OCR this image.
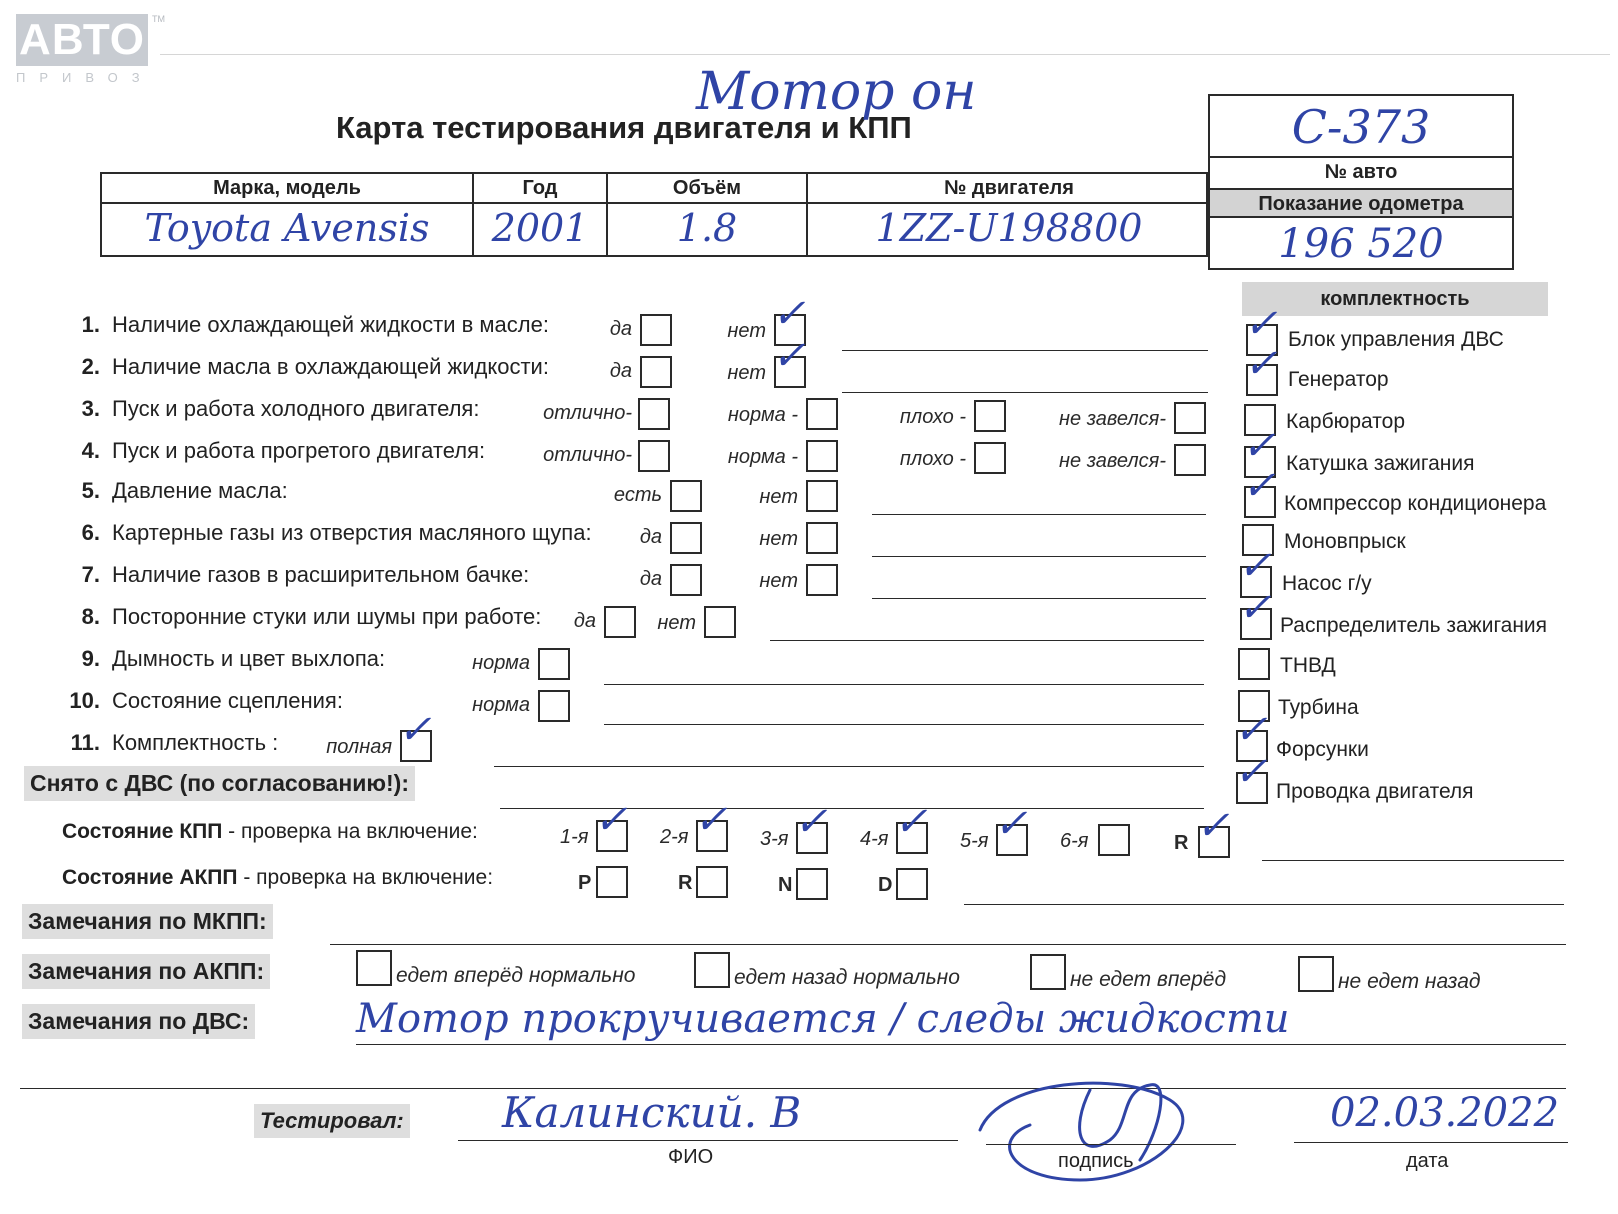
АВТО TM
ПРИВОЗ
Карта тестирования двигателя и КПП
Мотор он
Марка, модель
Toyota Avensis
Год
2001
Объём
1.8
№ двигателя
1ZZ-U198800
С-373
№ авто
Показание одометра
196 520
1. Наличие охлаждающей жидкости в масле:	да	нет ✓
2. Наличие масла в охлаждающей жидкости:	да	нет ✓
3. Пуск и работа холодного двигателя:	отлично-	норма -	плохо -	не завелся-
4. Пуск и работа прогретого двигателя:	отлично-	норма -	плохо -	не завелся-
5. Давление масла:	есть	нет
6. Картерные газы из отверстия масляного щупа:	да	нет
7. Наличие газов в расширительном бачке:	да	нет
8. Посторонние стуки или шумы при работе:	да	нет
9. Дымность и цвет выхлопа:	норма
10. Состояние сцепления:	норма
11. Комплектность :	полная ✓
комплектность
✓ Блок управления ДВС
✓ Генератор
Карбюратор
✓ Катушка зажигания
✓ Компрессор кондиционера
Моновпрыск
✓ Насос г/у
✓ Распределитель зажигания
ТНВД
Турбина
✓ Форсунки
✓ Проводка двигателя
Снято с ДВС (по согласованию!):
Состояние КПП - проверка на включение:	1-я ✓ 2-я ✓ 3-я ✓ 4-я ✓ 5-я ✓ 6-я	R ✓
Состояние АКПП - проверка на включение:	P	R	N	D
Замечания по МКПП:
Замечания по АКПП:	едет вперёд нормально	едет назад нормально	не едет вперёд	не едет назад
Замечания по ДВС:	Мотор прокручивается / следы жидкости
Тестировал: Калинский. В
ФИО	подпись
02.03.2022
дата
